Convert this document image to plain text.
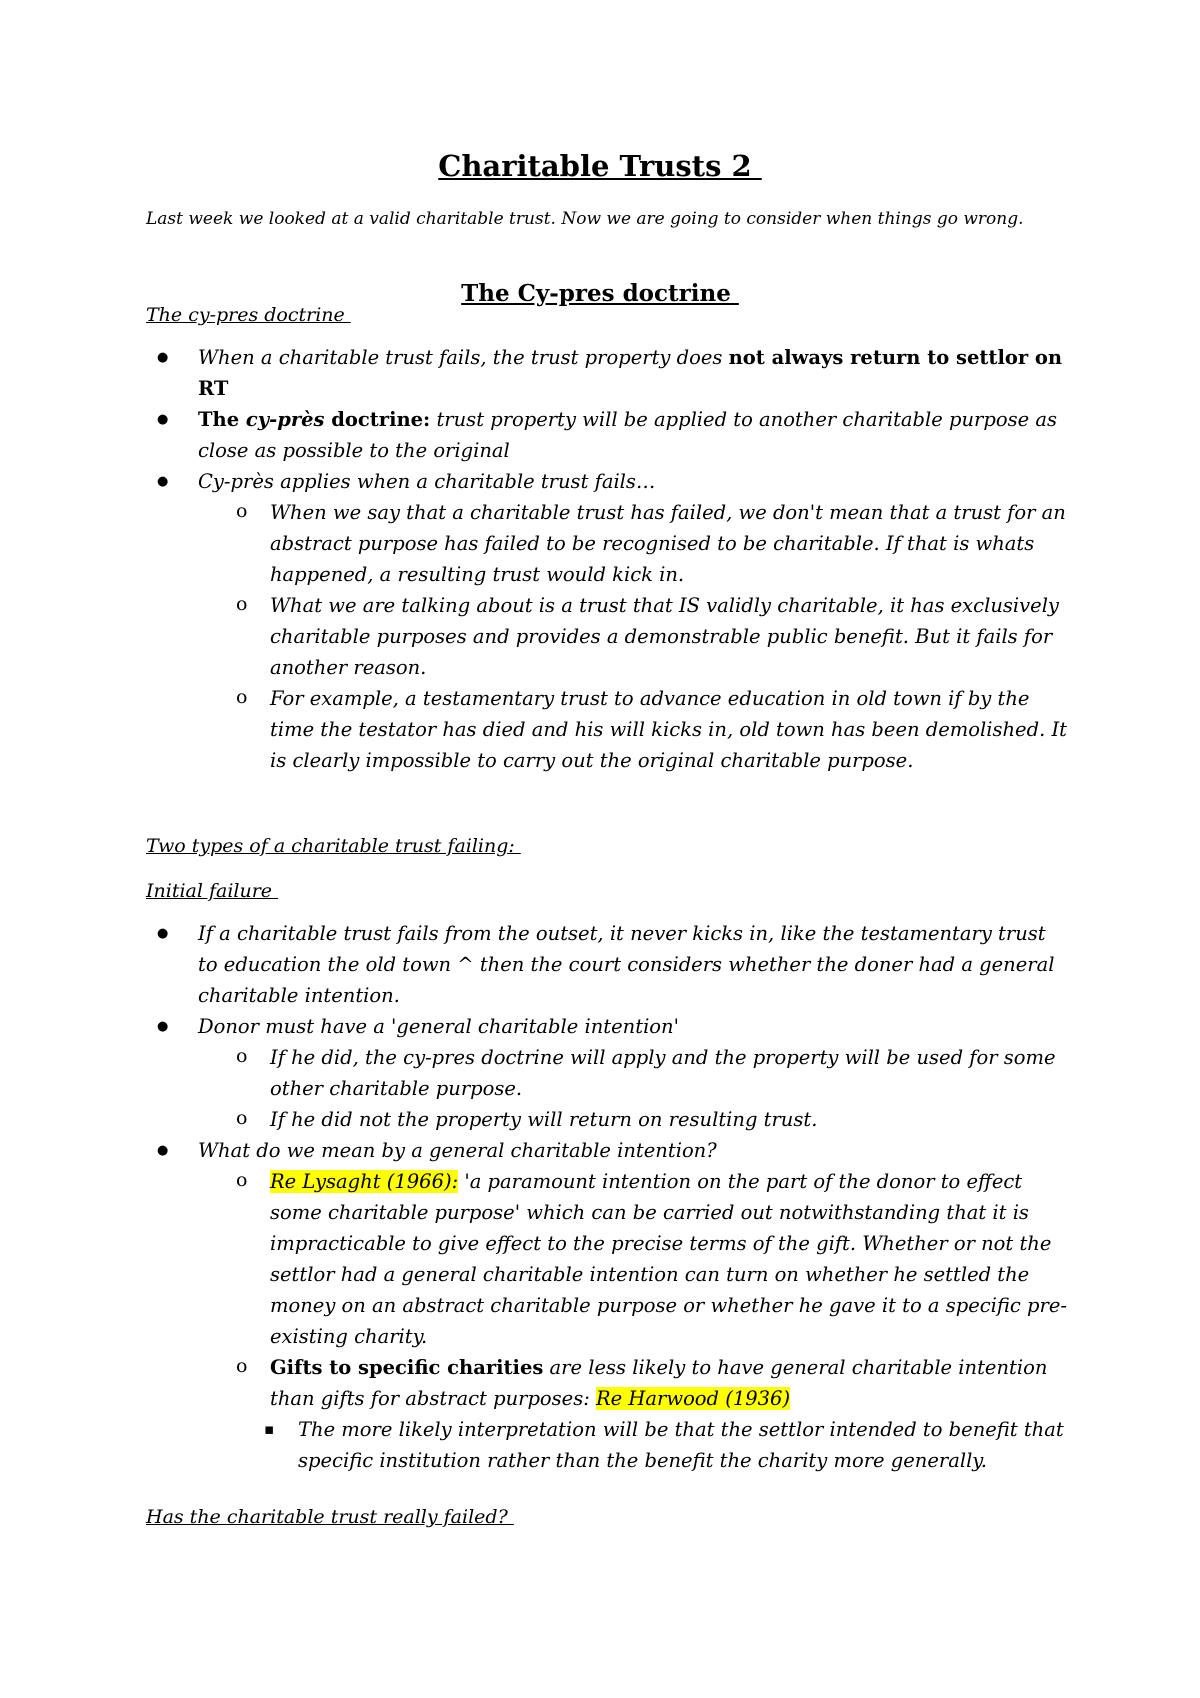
Charitable Trusts 2

Last week we looked at a valid charitable trust. Now we are going to consider when things go wrong.

The Cy-pres doctrine

The cy-pres doctrine

● When a charitable trust fails, the trust property does not always return to settlor on RT
● The cy-près doctrine: trust property will be applied to another charitable purpose as close as possible to the original
● Cy-près applies when a charitable trust fails…
o When we say that a charitable trust has failed, we don't mean that a trust for an abstract purpose has failed to be recognised to be charitable. If that is whats happened, a resulting trust would kick in.
o What we are talking about is a trust that IS validly charitable, it has exclusively charitable purposes and provides a demonstrable public benefit. But it fails for another reason.
o For example, a testamentary trust to advance education in old town if by the time the testator has died and his will kicks in, old town has been demolished. It is clearly impossible to carry out the original charitable purpose.

Two types of a charitable trust failing:

Initial failure

● If a charitable trust fails from the outset, it never kicks in, like the testamentary trust to education the old town ^ then the court considers whether the doner had a general charitable intention.
● Donor must have a 'general charitable intention'
o If he did, the cy-pres doctrine will apply and the property will be used for some other charitable purpose.
o If he did not the property will return on resulting trust.
● What do we mean by a general charitable intention?
o Re Lysaght (1966): 'a paramount intention on the part of the donor to effect some charitable purpose' which can be carried out notwithstanding that it is impracticable to give effect to the precise terms of the gift. Whether or not the settlor had a general charitable intention can turn on whether he settled the money on an abstract charitable purpose or whether he gave it to a specific pre-existing charity.
o Gifts to specific charities are less likely to have general charitable intention than gifts for abstract purposes: Re Harwood (1936)
▪ The more likely interpretation will be that the settlor intended to benefit that specific institution rather than the benefit the charity more generally.

Has the charitable trust really failed?
